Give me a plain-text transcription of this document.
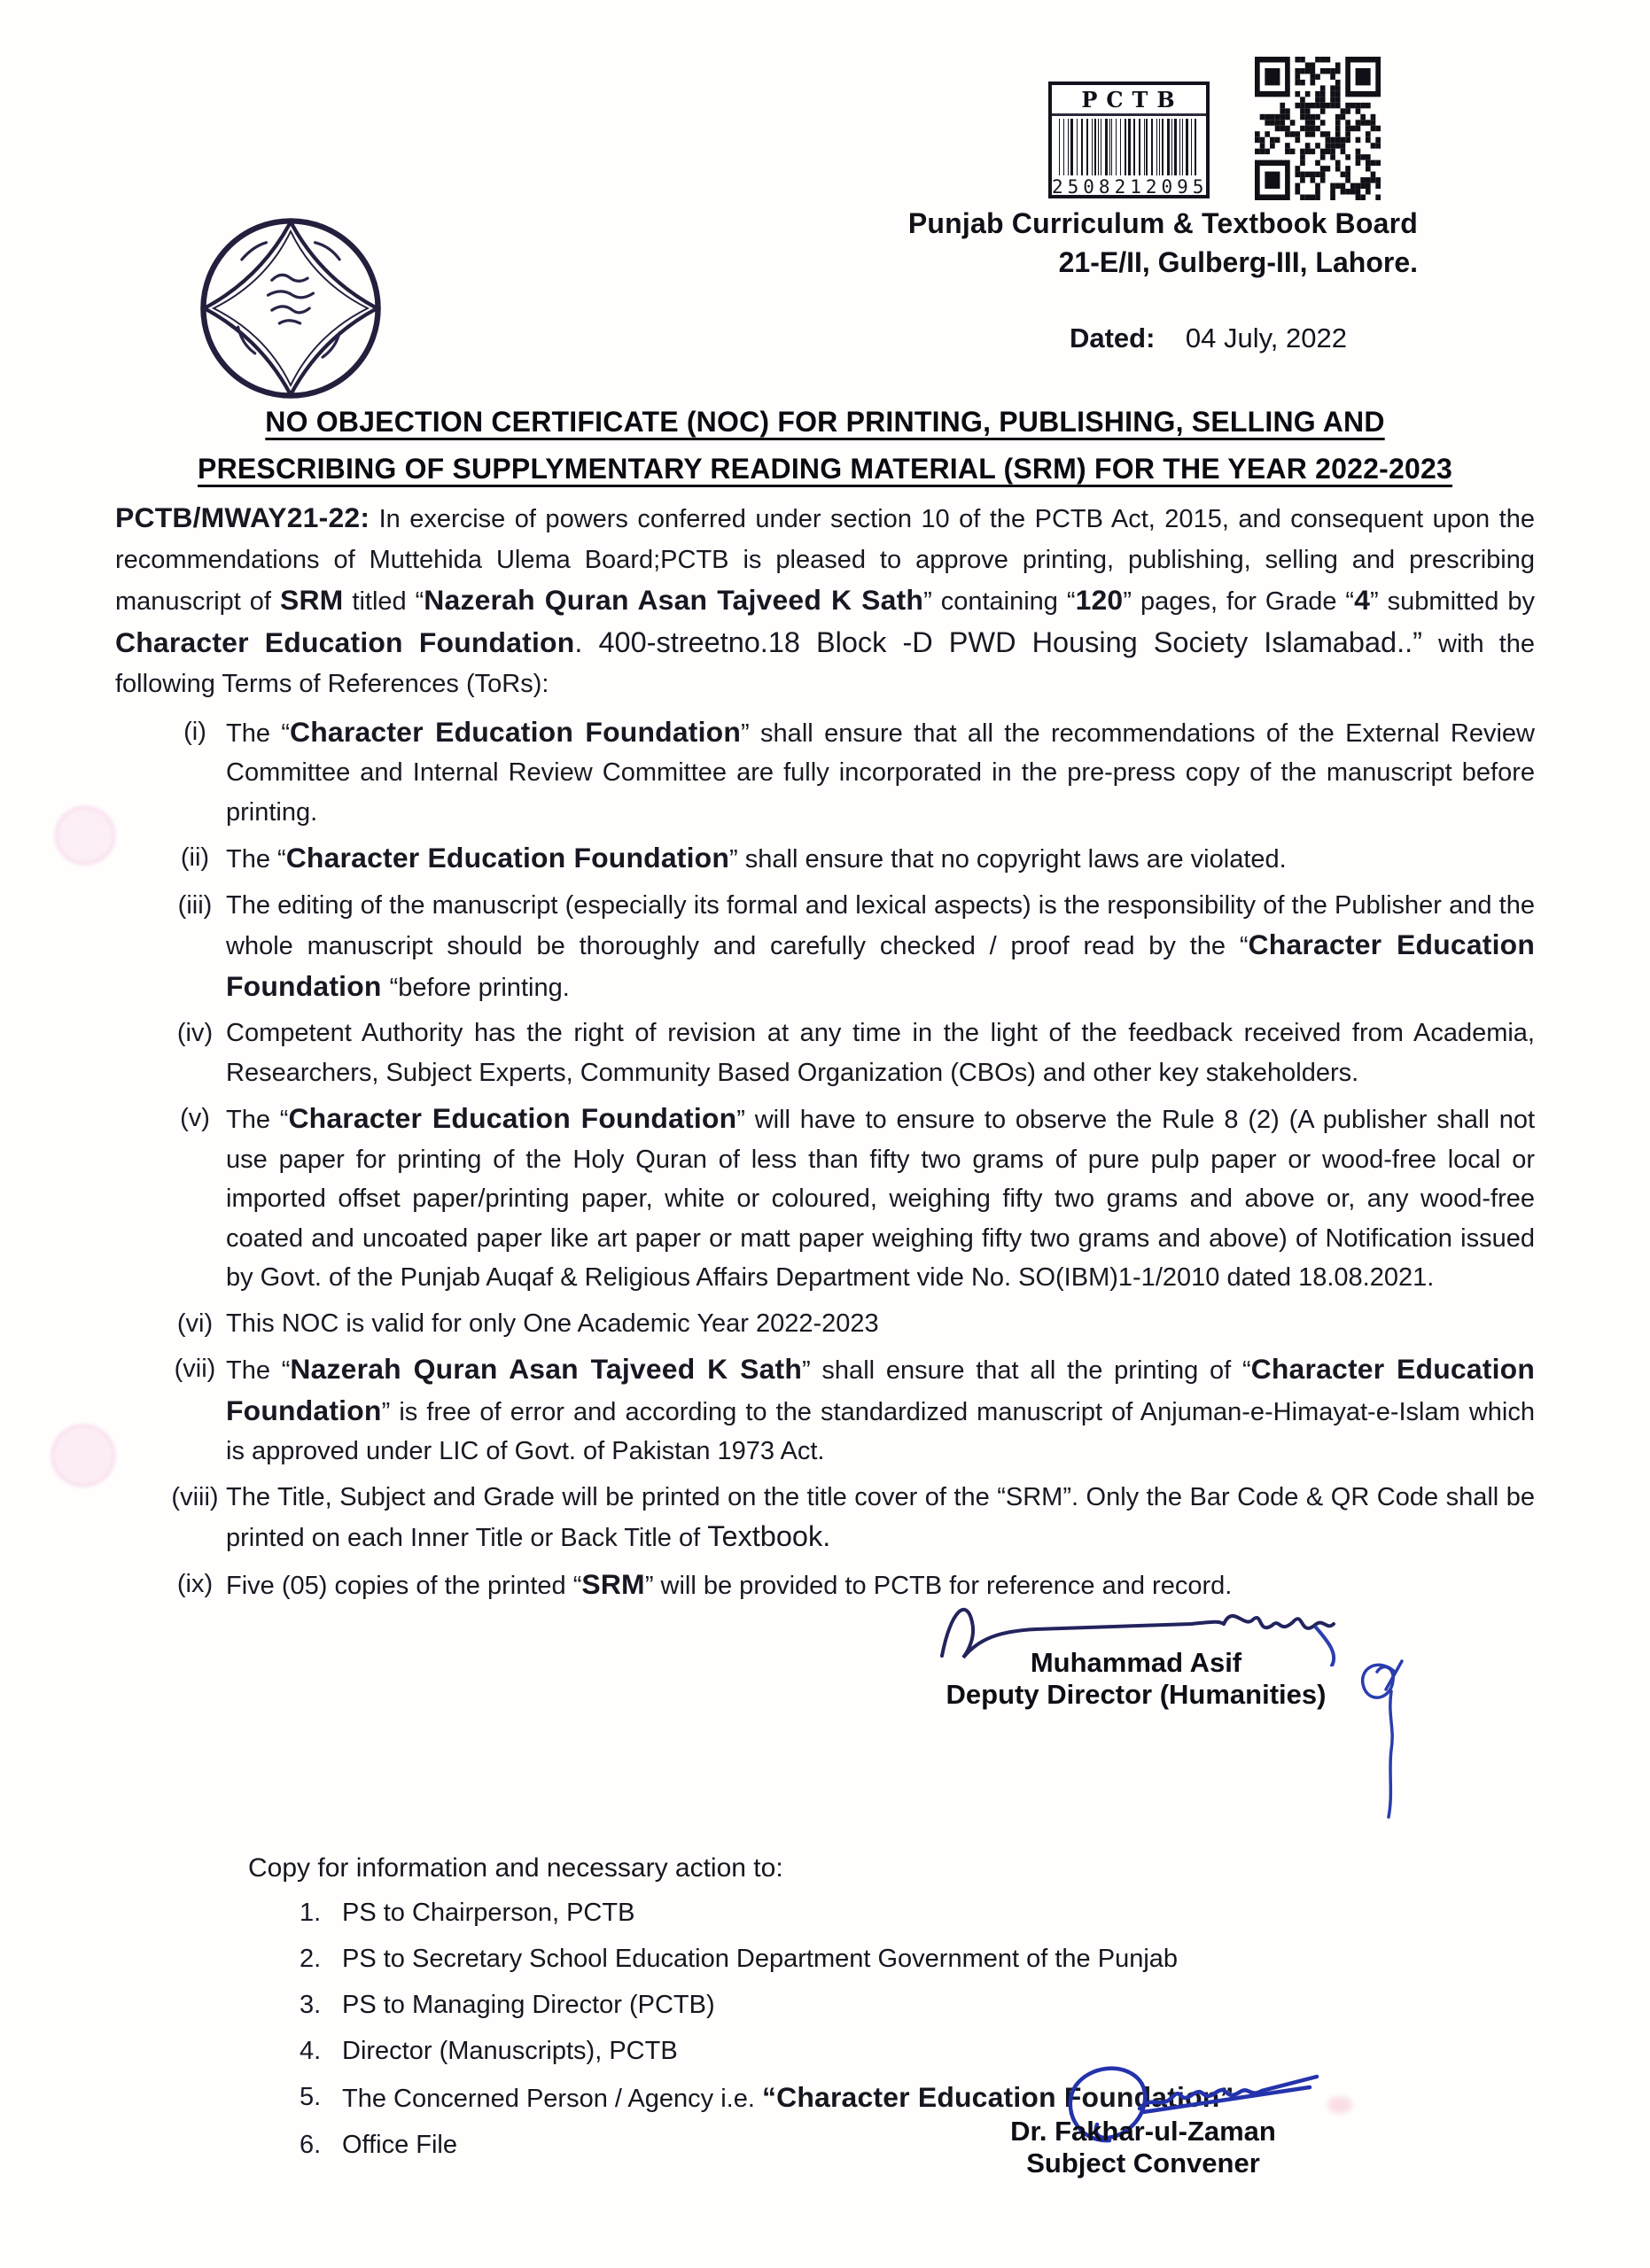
PCTB
2508212095
Punjab Curriculum & Textbook Board
21-E/II, Gulberg-III, Lahore.
Dated: 04 July, 2022
NO OBJECTION CERTIFICATE (NOC) FOR PRINTING, PUBLISHING, SELLING AND
PRESCRIBING OF SUPPLYMENTARY READING MATERIAL (SRM) FOR THE YEAR 2022-2023
PCTB/MWAY21-22: In exercise of powers conferred under section 10 of the PCTB Act, 2015, and consequent upon the recommendations of Muttehida Ulema Board;PCTB is pleased to approve printing, publishing, selling and prescribing manuscript of SRM titled “Nazerah Quran Asan Tajveed K Sath” containing “120” pages, for Grade “4” submitted by Character Education Foundation. 400-streetno.18 Block -D PWD Housing Society Islamabad..” with the following Terms of References (ToRs):
(i) The “Character Education Foundation” shall ensure that all the recommendations of the External Review Committee and Internal Review Committee are fully incorporated in the pre-press copy of the manuscript before printing.
(ii) The “Character Education Foundation” shall ensure that no copyright laws are violated.
(iii) The editing of the manuscript (especially its formal and lexical aspects) is the responsibility of the Publisher and the whole manuscript should be thoroughly and carefully checked / proof read by the “Character Education Foundation “before printing.
(iv) Competent Authority has the right of revision at any time in the light of the feedback received from Academia, Researchers, Subject Experts, Community Based Organization (CBOs) and other key stakeholders.
(v) The “Character Education Foundation” will have to ensure to observe the Rule 8 (2) (A publisher shall not use paper for printing of the Holy Quran of less than fifty two grams of pure pulp paper or wood-free local or imported offset paper/printing paper, white or coloured, weighing fifty two grams and above or, any wood-free coated and uncoated paper like art paper or matt paper weighing fifty two grams and above) of Notification issued by Govt. of the Punjab Auqaf & Religious Affairs Department vide No. SO(IBM)1-1/2010 dated 18.08.2021.
(vi) This NOC is valid for only One Academic Year 2022-2023
(vii) The “Nazerah Quran Asan Tajveed K Sath” shall ensure that all the printing of “Character Education Foundation” is free of error and according to the standardized manuscript of Anjuman-e-Himayat-e-Islam which is approved under LIC of Govt. of Pakistan 1973 Act.
(viii) The Title, Subject and Grade will be printed on the title cover of the “SRM”. Only the Bar Code & QR Code shall be printed on each Inner Title or Back Title of Textbook.
(ix) Five (05) copies of the printed “SRM” will be provided to PCTB for reference and record.
Muhammad Asif
Deputy Director (Humanities)
Copy for information and necessary action to:
1. PS to Chairperson, PCTB
2. PS to Secretary School Education Department Government of the Punjab
3. PS to Managing Director (PCTB)
4. Director (Manuscripts), PCTB
5. The Concerned Person / Agency i.e. “Character Education Foundation”
6. Office File	Dr. Fakhar-ul-Zaman
Subject Convener
